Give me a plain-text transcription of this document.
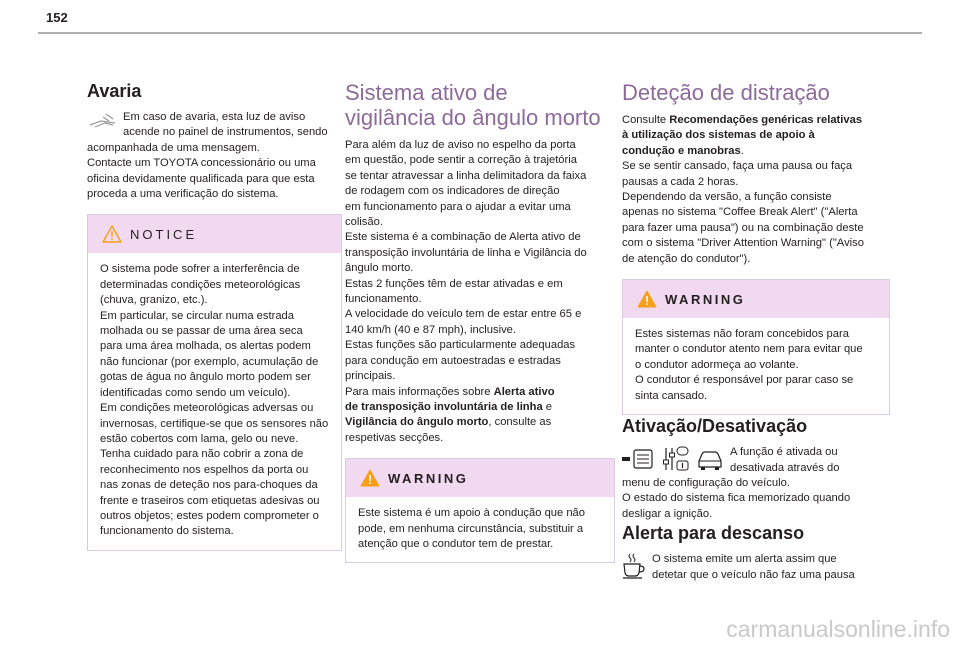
152
Avaria

Em caso de avaria, esta luz de aviso
acende no painel de instrumentos, sendo
acompanhada de uma mensagem.
Contacte um TOYOTA concessionário ou uma
oficina devidamente qualificada para que esta
proceda a uma verificação do sistema.

NOTICE

O sistema pode sofrer a interferência de
determinadas condições meteorológicas
(chuva, granizo, etc.).
Em particular, se circular numa estrada
molhada ou se passar de uma área seca
para uma área molhada, os alertas podem
não funcionar (por exemplo, acumulação de
gotas de água no ângulo morto podem ser
identificadas como sendo um veículo).
Em condições meteorológicas adversas ou
invernosas, certifique-se que os sensores não
estão cobertos com lama, gelo ou neve.
Tenha cuidado para não cobrir a zona de
reconhecimento nos espelhos da porta ou
nas zonas de deteção nos para-choques da
frente e traseiros com etiquetas adesivas ou
outros objetos; estes podem comprometer o
funcionamento do sistema.

Sistema ativo de
vigilância do ângulo morto

Para além da luz de aviso no espelho da porta
em questão, pode sentir a correção à trajetória
se tentar atravessar a linha delimitadora da faixa
de rodagem com os indicadores de direção
em funcionamento para o ajudar a evitar uma
colisão.
Este sistema é a combinação de Alerta ativo de
transposição involuntária de linha e Vigilância do
ângulo morto.
Estas 2 funções têm de estar ativadas e em
funcionamento.
A velocidade do veículo tem de estar entre 65 e
140 km/h (40 e 87 mph), inclusive.
Estas funções são particularmente adequadas
para condução em autoestradas e estradas
principais.
Para mais informações sobre Alerta ativo
de transposição involuntária de linha e
Vigilância do ângulo morto, consulte as
respetivas secções.

WARNING

Este sistema é um apoio à condução que não
pode, em nenhuma circunstância, substituir a
atenção que o condutor tem de prestar.

Deteção de distração

Consulte Recomendações genéricas relativas
à utilização dos sistemas de apoio à
condução e manobras.
Se se sentir cansado, faça uma pausa ou faça
pausas a cada 2 horas.
Dependendo da versão, a função consiste
apenas no sistema "Coffee Break Alert" ("Alerta
para fazer uma pausa") ou na combinação deste
com o sistema "Driver Attention Warning" ("Aviso
de atenção do condutor").

WARNING

Estes sistemas não foram concebidos para
manter o condutor atento nem para evitar que
o condutor adormeça ao volante.
O condutor é responsável por parar caso se
sinta cansado.

Ativação/Desativação

A função é ativada ou
desativada através do
menu de configuração do veículo.
O estado do sistema fica memorizado quando
desligar a ignição.

Alerta para descanso

O sistema emite um alerta assim que
detetar que o veículo não faz uma pausa

carmanualsonline.info
